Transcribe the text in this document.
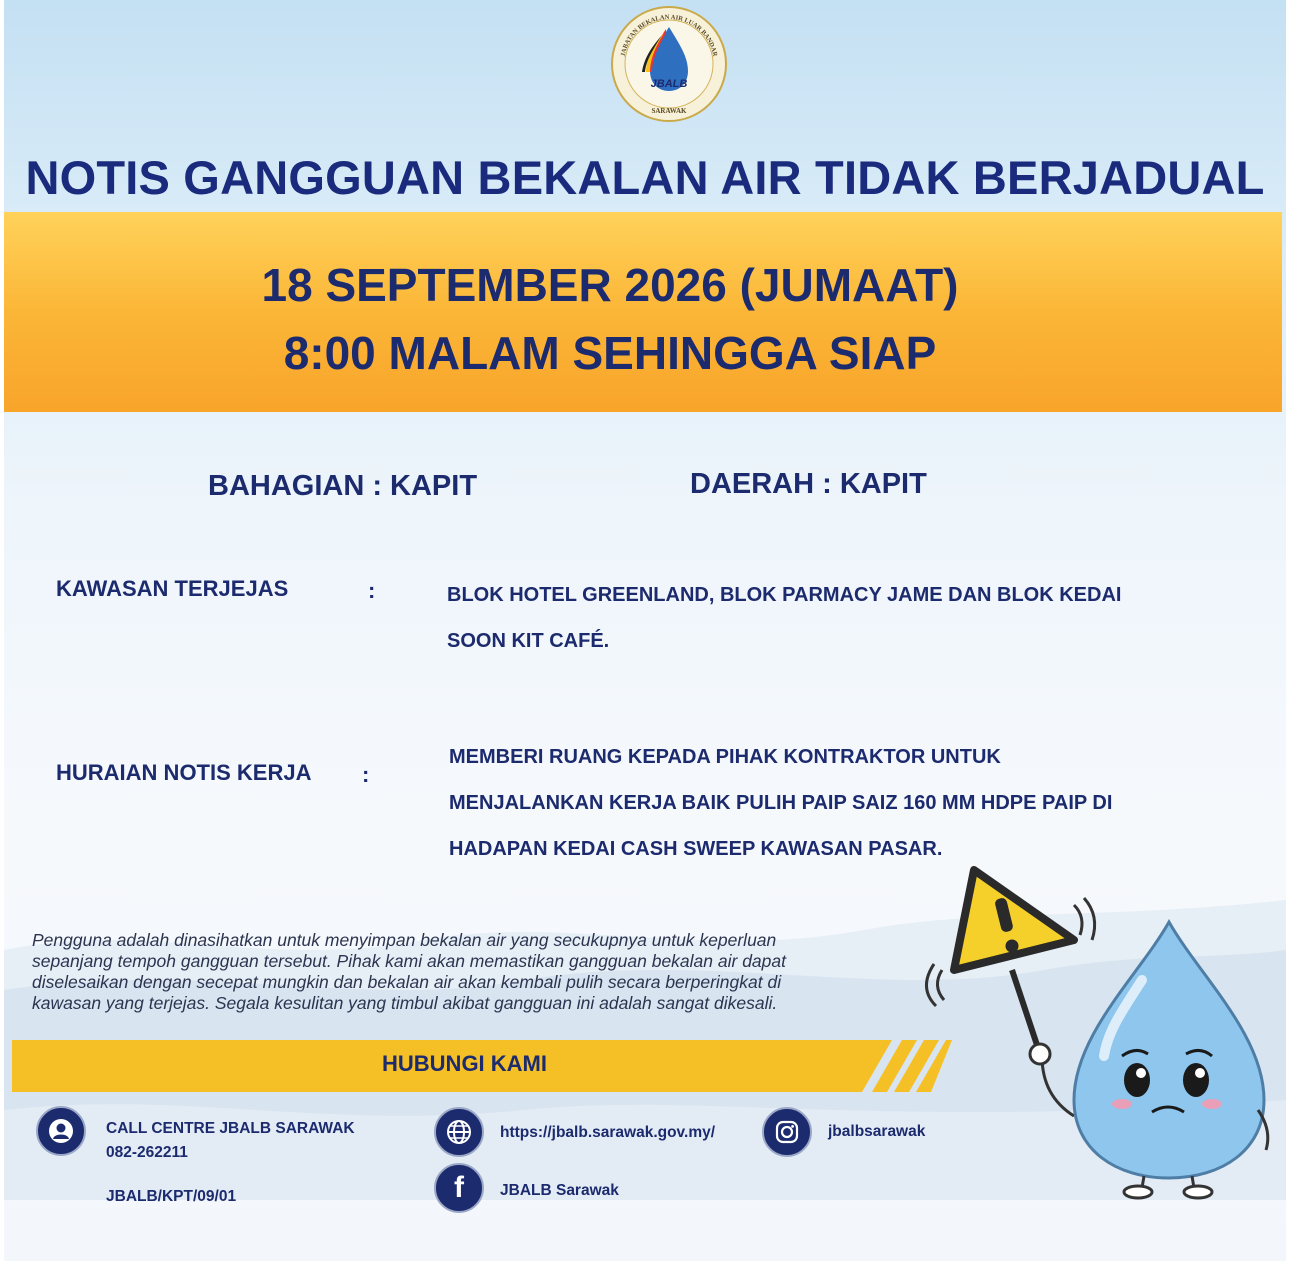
JBALB
SARAWAK
JABATAN BEKALAN AIR LUAR BANDAR
NOTIS GANGGUAN BEKALAN AIR TIDAK BERJADUAL
18 SEPTEMBER 2026 (JUMAAT)
8:00 MALAM SEHINGGA SIAP
BAHAGIAN : KAPIT	DAERAH : KAPIT
KAWASAN TERJEJAS	:	BLOK HOTEL GREENLAND, BLOK PARMACY JAME DAN BLOK KEDAI
SOON KIT CAFÉ.
HURAIAN NOTIS KERJA :
MEMBERI RUANG KEPADA PIHAK KONTRAKTOR UNTUK
MENJALANKAN KERJA BAIK PULIH PAIP SAIZ 160 MM HDPE PAIP DI
HADAPAN KEDAI CASH SWEEP KAWASAN PASAR.
Pengguna adalah dinasihatkan untuk menyimpan bekalan air yang secukupnya untuk keperluan
sepanjang tempoh gangguan tersebut. Pihak kami akan memastikan gangguan bekalan air dapat
diselesaikan dengan secepat mungkin dan bekalan air akan kembali pulih secara berperingkat di
kawasan yang terjejas. Segala kesulitan yang timbul akibat gangguan ini adalah sangat dikesali.
HUBUNGI KAMI
CALL CENTRE JBALB SARAWAK
082-262211
JBALB/KPT/09/01
https://jbalb.sarawak.gov.my/
f JBALB Sarawak
jbalbsarawak
